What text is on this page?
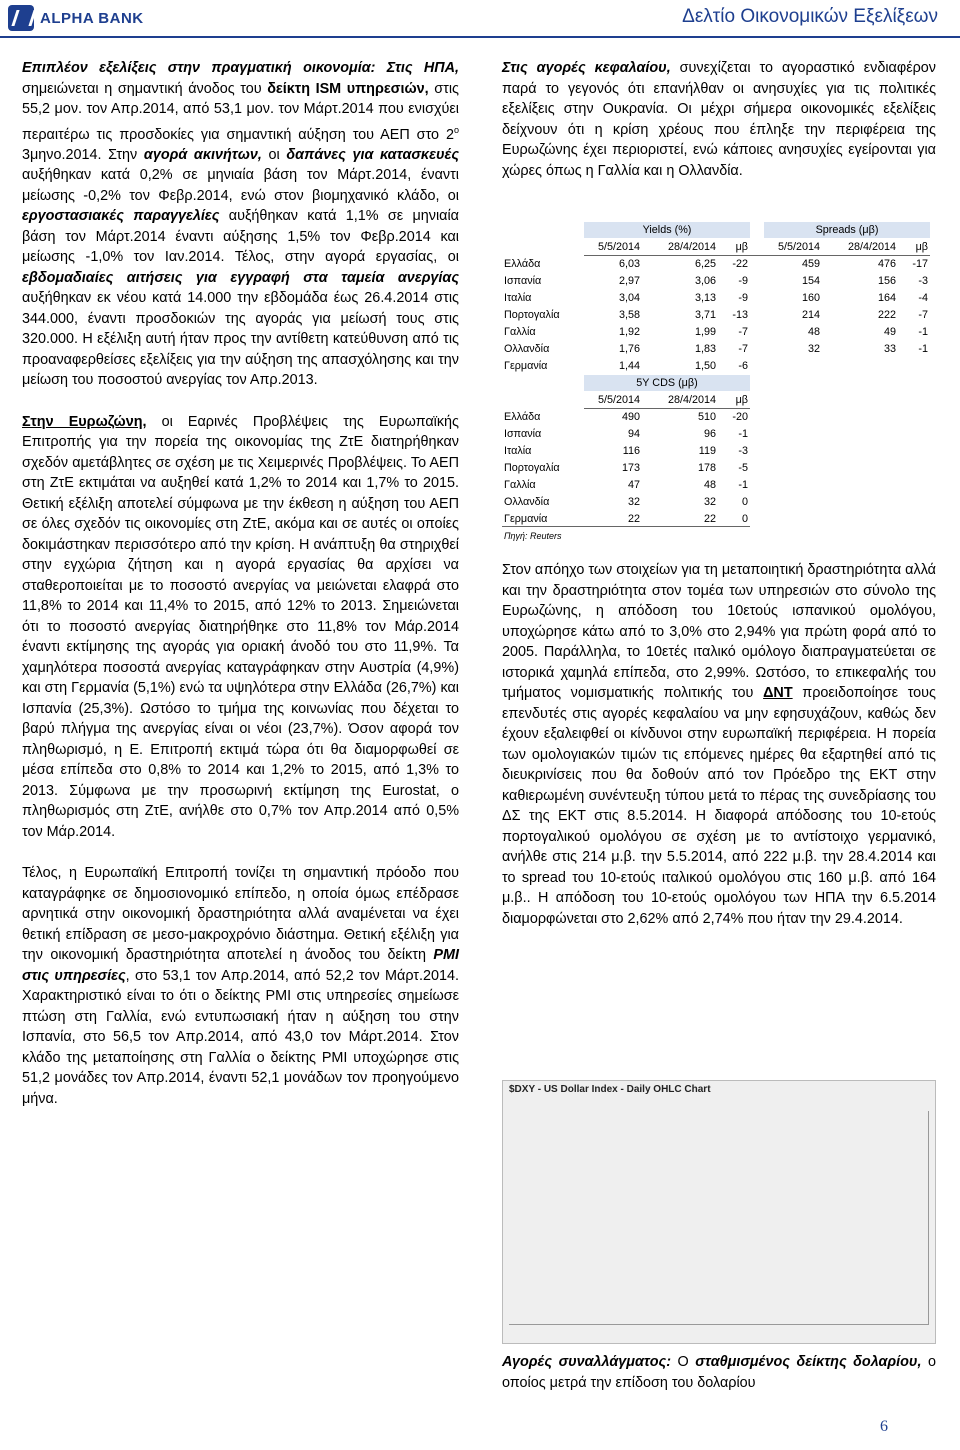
ALPHA BANK	Δελτίο Οικονομικών Εξελίξεων

Επιπλέον εξελίξεις στην πραγματική οικονομία: Στις ΗΠΑ, σημειώνεται η σημαντική άνοδος του δείκτη ISM υπηρεσιών, στις 55,2 μον. τον Απρ.2014, από 53,1 μον. τον Μάρτ.2014 που ενισχύει περαιτέρω τις προσδοκίες για σημαντική αύξηση του ΑΕΠ στο $2^o$ 3μηνο.2014. Στην αγορά ακινήτων, οι δαπάνες για κατασκευές αυξήθηκαν κατά 0,2% σε μηνιαία βάση τον Μάρτ.2014, έναντι μείωσης -0,2% τον Φεβρ.2014, ενώ στον βιομηχανικό κλάδο, οι εργοστασιακές παραγγελίες αυξήθηκαν κατά 1,1% σε μηνιαία βάση τον Μάρτ.2014 έναντι αύξησης 1,5% τον Φεβρ.2014 και μείωσης -1,0% τον Ιαν.2014. Τέλος, στην αγορά εργασίας, οι εβδομαδιαίες αιτήσεις για εγγραφή στα ταμεία ανεργίας αυξήθηκαν εκ νέου κατά 14.000 την εβδομάδα έως 26.4.2014 στις 344.000, έναντι προσδοκιών της αγοράς για μείωσή τους στις 320.000. Η εξέλιξη αυτή ήταν προς την αντίθετη κατεύθυνση από τις προαναφερθείσες εξελίξεις για την αύξηση της απασχόλησης και την μείωση του ποσοστού ανεργίας τον Απρ.2013.

Στην Ευρωζώνη, οι Εαρινές Προβλέψεις της Ευρωπαϊκής Επιτροπής για την πορεία της οικονομίας της ΖτΕ διατηρήθηκαν σχεδόν αμετάβλητες σε σχέση με τις Χειμερινές Προβλέψεις. Το ΑΕΠ στη ΖτΕ εκτιμάται να αυξηθεί κατά 1,2% το 2014 και 1,7% το 2015. Θετική εξέλιξη αποτελεί σύμφωνα με την έκθεση η αύξηση του ΑΕΠ σε όλες σχεδόν τις οικονομίες στη ΖτΕ, ακόμα και σε αυτές οι οποίες δοκιμάστηκαν περισσότερο από την κρίση. Η ανάπτυξη θα στηριχθεί στην εγχώρια ζήτηση και η αγορά εργασίας θα αρχίσει να σταθεροποιείται με το ποσοστό ανεργίας να μειώνεται ελαφρά στο 11,8% το 2014 και 11,4% το 2015, από 12% το 2013. Σημειώνεται ότι το ποσοστό ανεργίας διατηρήθηκε στο 11,8% τον Μάρ.2014 έναντι εκτίμησης της αγοράς για οριακή άνοδό του στο 11,9%. Τα χαμηλότερα ποσοστά ανεργίας καταγράφηκαν στην Αυστρία (4,9%) και στη Γερμανία (5,1%) ενώ τα υψηλότερα στην Ελλάδα (26,7%) και Ισπανία (25,3%). Ωστόσο το τμήμα της κοινωνίας που δέχεται το βαρύ πλήγμα της ανεργίας είναι οι νέοι (23,7%). Όσον αφορά τον πληθωρισμό, η Ε. Επιτροπή εκτιμά τώρα ότι θα διαμορφωθεί σε μέσα επίπεδα στο 0,8% το 2014 και 1,2% το 2015, από 1,3% το 2013. Σύμφωνα με την προσωρινή εκτίμηση της Eurostat, ο πληθωρισμός στη ΖτΕ, ανήλθε στο 0,7% τον Απρ.2014 από 0,5% τον Μάρ.2014.

Τέλος, η Ευρωπαϊκή Επιτροπή τονίζει τη σημαντική πρόοδο που καταγράφηκε σε δημοσιονομικό επίπεδο, η οποία όμως επέδρασε αρνητικά στην οικονομική δραστηριότητα αλλά αναμένεται να έχει θετική επίδραση σε μεσο-μακροχρόνιο διάστημα. Θετική εξέλιξη για την οικονομική δραστηριότητα αποτελεί η άνοδος του δείκτη PMI στις υπηρεσίες, στο 53,1 τον Απρ.2014, από 52,2 τον Μάρτ.2014. Χαρακτηριστικό είναι το ότι ο δείκτης PMI στις υπηρεσίες σημείωσε πτώση στη Γαλλία, ενώ εντυπωσιακή ήταν η αύξηση του στην Ισπανία, στο 56,5 τον Απρ.2014, από 43,0 τον Μάρτ.2014. Στον κλάδο της μεταποίησης στη Γαλλία ο δείκτης PMI υποχώρησε στις 51,2 μονάδες τον Απρ.2014, έναντι 52,1 μονάδων τον προηγούμενο μήνα.

Στις αγορές κεφαλαίου, συνεχίζεται το αγοραστικό ενδιαφέρον παρά το γεγονός ότι επανήλθαν οι ανησυχίες για τις πολιτικές εξελίξεις στην Ουκρανία. Οι μέχρι σήμερα οικονομικές εξελίξεις δείχνουν ότι η κρίση χρέους που έπληξε την περιφέρεια της Ευρωζώνης έχει περιοριστεί, ενώ κάποιες ανησυχίες εγείρονται για χώρες όπως η Γαλλία και η Ολλανδία.

Yields (%)	Spreads (μβ)
5/5/2014	28/4/2014	μβ	5/5/2014	28/4/2014	μβ
Ελλάδα	6,03	6,25	-22	459	476	-17
Ισπανία	2,97	3,06	-9	154	156	-3
Ιταλία	3,04	3,13	-9	160	164	-4
Πορτογαλία	3,58	3,71	-13	214	222	-7
Γαλλία	1,92	1,99	-7	48	49	-1
Ολλανδία	1,76	1,83	-7	32	33	-1
Γερμανία	1,44	1,50	-6
5Y CDS (μβ)
5/5/2014	28/4/2014	μβ
Ελλάδα	490	510	-20
Ισπανία	94	96	-1
Ιταλία	116	119	-3
Πορτογαλία	173	178	-5
Γαλλία	47	48	-1
Ολλανδία	32	32	0
Γερμανία	22	22	0
Πηγή: Reuters

Στον απόηχο των στοιχείων για τη μεταποιητική δραστηριότητα αλλά και την δραστηριότητα στον τομέα των υπηρεσιών στο σύνολο της Ευρωζώνης, η απόδοση του 10ετούς ισπανικού ομολόγου, υποχώρησε κάτω από το 3,0% στο 2,94% για πρώτη φορά από το 2005. Παράλληλα, το 10ετές ιταλικό ομόλογο διαπραγματεύεται σε ιστορικά χαμηλά επίπεδα, στο 2,99%. Ωστόσο, το επικεφαλής του τμήματος νομισματικής πολιτικής του ΔΝΤ προειδοποίησε τους επενδυτές στις αγορές κεφαλαίου να μην εφησυχάζουν, καθώς δεν έχουν εξαλειφθεί οι κίνδυνοι στην ευρωπαϊκή περιφέρεια. Η πορεία των ομολογιακών τιμών τις επόμενες ημέρες θα εξαρτηθεί από τις διευκρινίσεις που θα δοθούν από τον Πρόεδρο της ΕΚΤ στην καθιερωμένη συνέντευξη τύπου μετά το πέρας της συνεδρίασης του ΔΣ της ΕΚΤ στις 8.5.2014. Η διαφορά απόδοσης του 10-ετούς πορτογαλικού ομολόγου σε σχέση με το αντίστοιχο γερμανικό, ανήλθε στις 214 μ.β. την 5.5.2014, από 222 μ.β. την 28.4.2014 και το spread του 10-ετούς ιταλικού ομολόγου στις 160 μ.β. από 164 μ.β.. Η απόδοση του 10-ετούς ομολόγου των ΗΠΑ την 6.5.2014 διαμορφώνεται στο 2,62% από 2,74% που ήταν την 29.4.2014.

$DXY - US Dollar Index - Daily OHLC Chart

Αγορές συναλλάγματος: Ο σταθμισμένος δείκτης δολαρίου, ο οποίος μετρά την επίδοση του δολαρίου

6
